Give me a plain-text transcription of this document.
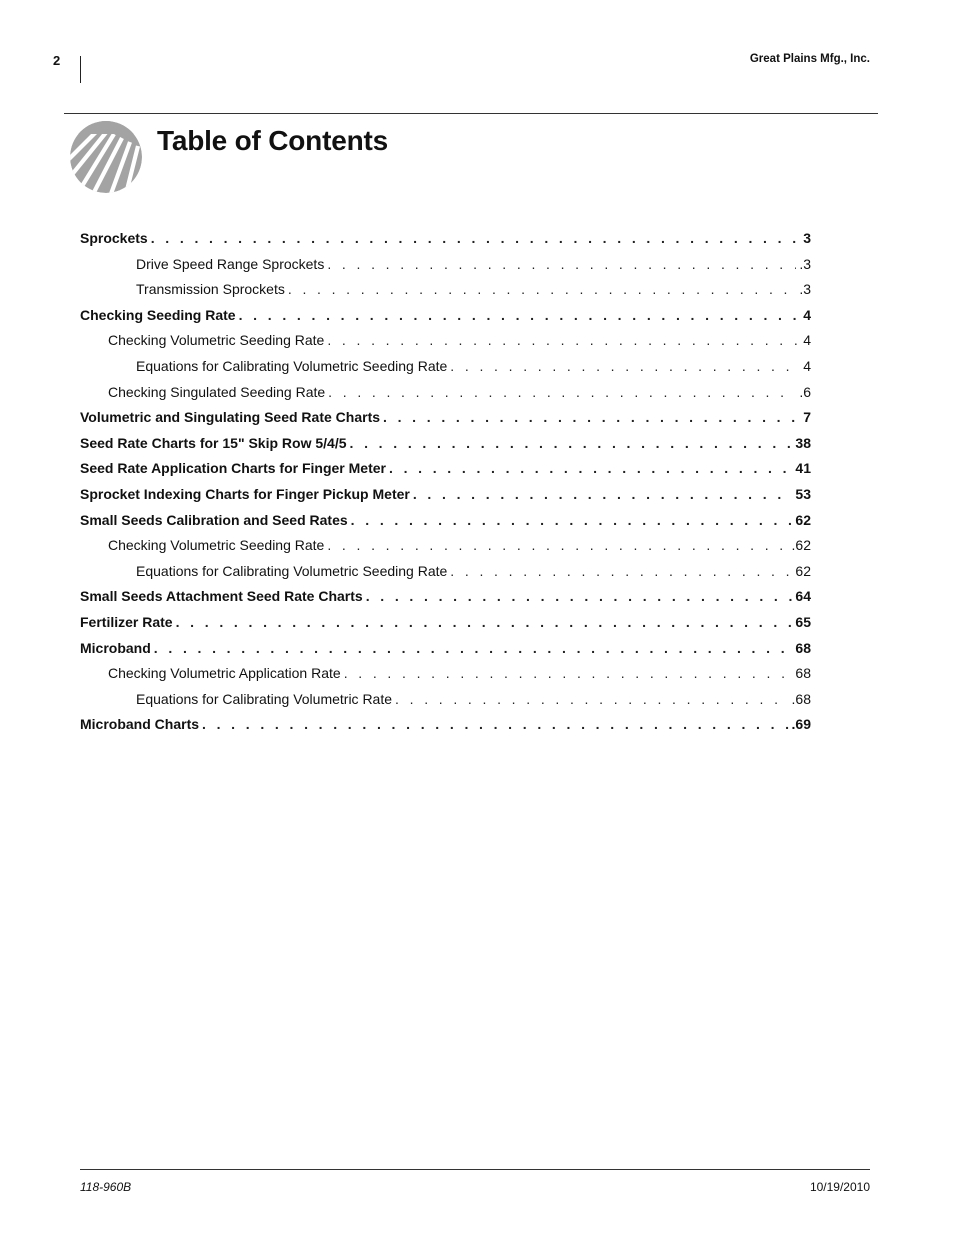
2	Great Plains Mfg., Inc.
Table of Contents
Sprockets . . .	3
Drive Speed Range Sprockets . . .	.3
Transmission Sprockets . . .	.3
Checking Seeding Rate . . .	4
Checking Volumetric Seeding Rate . . .	4
Equations for Calibrating Volumetric Seeding Rate . . .	4
Checking Singulated Seeding Rate . . .	.6
Volumetric and Singulating Seed Rate Charts . . .	7
Seed Rate Charts for 15" Skip Row 5/4/5 . . .	38
Seed Rate Application Charts for Finger Meter . . .	41
Sprocket Indexing Charts for Finger Pickup Meter . . .	53
Small Seeds Calibration and Seed Rates . . .	62
Checking Volumetric Seeding Rate . . .	.62
Equations for Calibrating Volumetric Seeding Rate . . .	62
Small Seeds Attachment Seed Rate Charts . . .	64
Fertilizer Rate . . .	65
Microband . . .	68
Checking Volumetric Application Rate . . .	68
Equations for Calibrating Volumetric Rate . . .	.68
Microband Charts . . .	.69
118-960B	10/19/2010
